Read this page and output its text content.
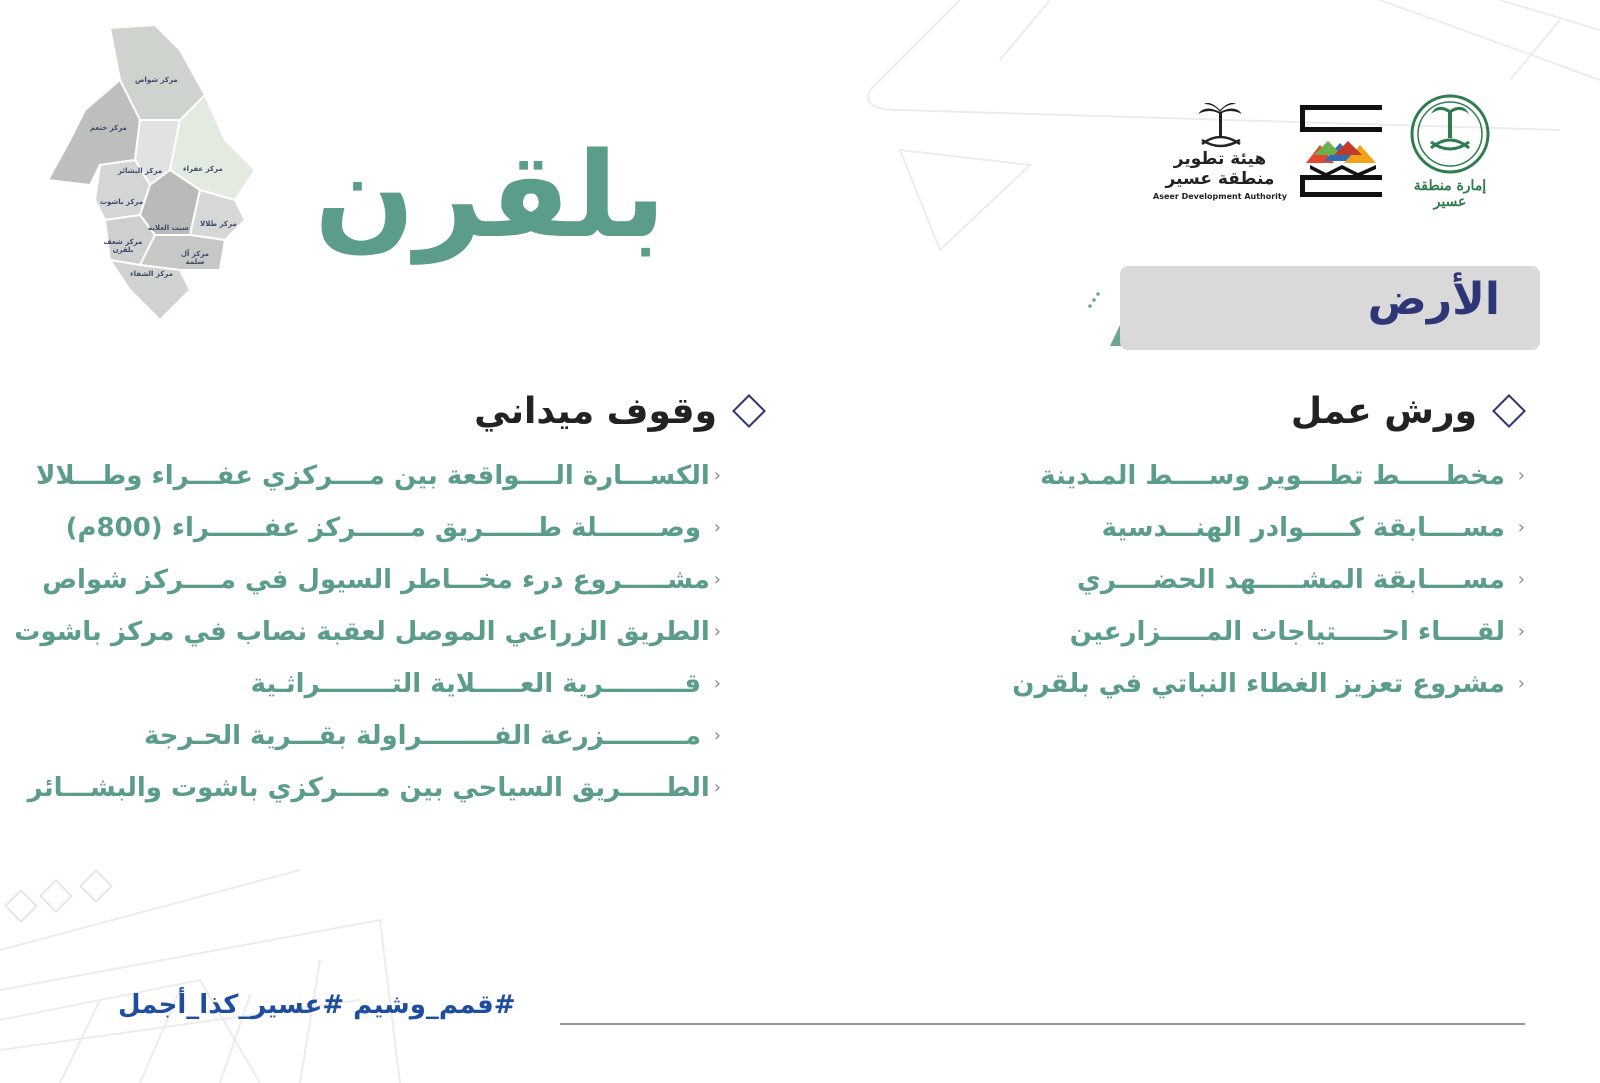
مركز شواص
مركز خثعم
مركز عفراء
مركز البشائر
مركز باشوت
سبت العلاية مركز طلالا
مركز شعف بلقرن	مركز آل سلمة
مركز الشفاء
بلقرن	هيئة تطوير
منطقة عسير
Aseer Development Authority
إمارة منطقة عسير
الأرض
ورش عمل
‹
مخطـــــط تطـــوير وســــط المـدينة
‹
مســــابقة كـــــوادر الهنـــدسية
‹
مســــابقة المشـــــهد الحضــــري
‹
لقــــاء احـــــتياجات المـــــزارعين
‹
مشروع تعزيز الغطاء النباتي في بلقرن
وقوف ميداني
‹
الكســـارة الــــواقعة بين مــــركزي عفـــراء وطـــلالا
‹
وصـــــــلة طــــــريق مــــــركز عفــــــراء (800م)
‹
مشـــــروع درء مخـــاطر السيول في مــــركز شواص
‹
الطريق الزراعي الموصل لعقبة نصاب في مركز باشوت
‹
قـــــــــرية العـــــلاية التــــــــراثـية
‹
مـــــــــزرعة الفــــــــراولة بقـــرية الحـرجة
‹
الطـــــريق السياحي بين مــــركزي باشوت والبشـــائر
#قمم_وشيم #عسير_كذا_أجمل
